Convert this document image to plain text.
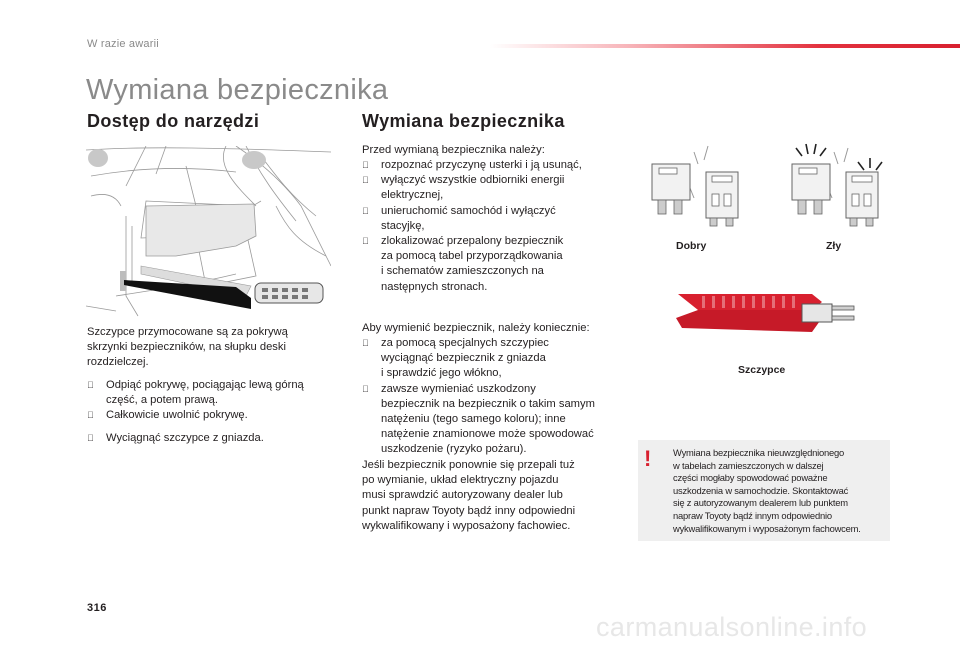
W razie awarii
Wymiana bezpiecznika
Dostęp do narzędzi
Szczypce przymocowane są za pokrywą
skrzynki bezpieczników, na słupku deski
rozdzielczej.
Odpiąć pokrywę, pociągając lewą górną
część, a potem prawą.
Całkowicie uwolnić pokrywę.
Wyciągnąć szczypce z gniazda.
Wymiana bezpiecznika
Przed wymianą bezpiecznika należy:
rozpoznać przyczynę usterki i ją usunąć,
wyłączyć wszystkie odbiorniki energii
elektrycznej,
unieruchomić samochód i wyłączyć
stacyjkę,
zlokalizować przepalony bezpiecznik
za pomocą tabel przyporządkowania
i schematów zamieszczonych na
następnych stronach.
Aby wymienić bezpiecznik, należy koniecznie:
za pomocą specjalnych szczypiec
wyciągnąć bezpiecznik z gniazda
i sprawdzić jego włókno,
zawsze wymieniać uszkodzony
bezpiecznik na bezpiecznik o takim samym
natężeniu (tego samego koloru); inne
natężenie znamionowe może spowodować
uszkodzenie (ryzyko pożaru).
Jeśli bezpiecznik ponownie się przepali tuż
po wymianie, układ elektryczny pojazdu
musi sprawdzić autoryzowany dealer lub
punkt napraw Toyoty bądź inny odpowiedni
wykwalifikowany i wyposażony fachowiec.
Dobry	Zły
Szczypce
! Wymiana bezpiecznika nieuwzględnionego
w tabelach zamieszczonych w dalszej
części mogłaby spowodować poważne
uszkodzenia w samochodzie. Skontaktować
się z autoryzowanym dealerem lub punktem
napraw Toyoty bądź innym odpowiednio
wykwalifikowanym i wyposażonym fachowcem.
316
carmanualsonline.info
